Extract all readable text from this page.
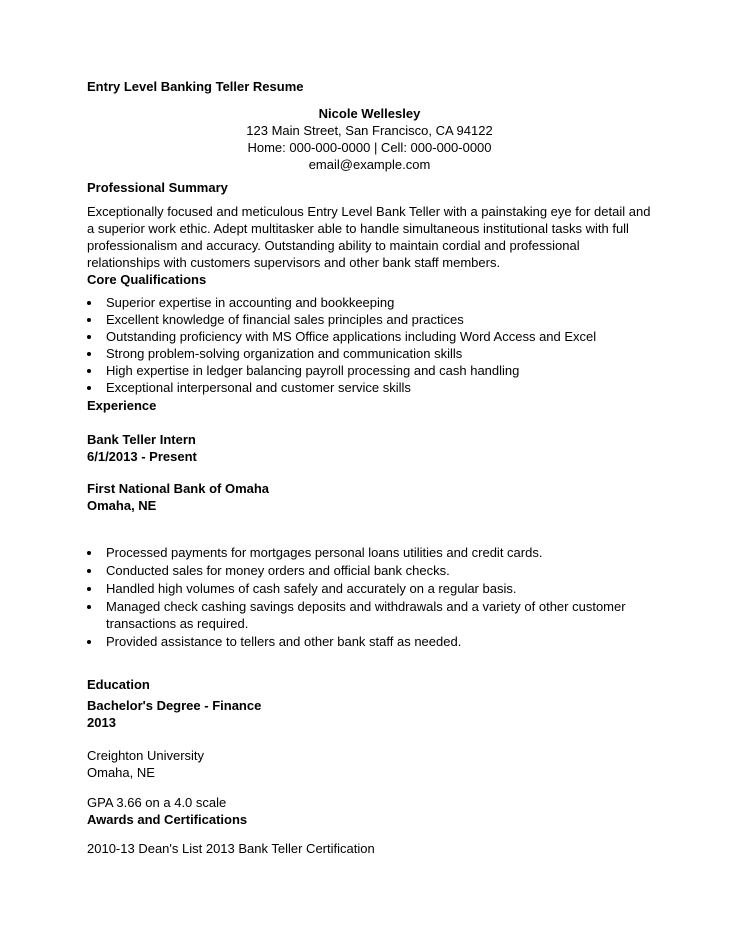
Entry Level Banking Teller Resume
Nicole Wellesley
123 Main Street, San Francisco, CA 94122
Home: 000-000-0000 | Cell: 000-000-0000
email@example.com
Professional Summary

Exceptionally focused and meticulous Entry Level Bank Teller with a painstaking eye for detail and a superior work ethic. Adept multitasker able to handle simultaneous institutional tasks with full professionalism and accuracy. Outstanding ability to maintain cordial and professional relationships with customers supervisors and other bank staff members.

Core Qualifications
• Superior expertise in accounting and bookkeeping
• Excellent knowledge of financial sales principles and practices
• Outstanding proficiency with MS Office applications including Word Access and Excel
• Strong problem-solving organization and communication skills
• High expertise in ledger balancing payroll processing and cash handling
• Exceptional interpersonal and customer service skills
Experience
Bank Teller Intern
6/1/2013 - Present
First National Bank of Omaha
Omaha, NE
• Processed payments for mortgages personal loans utilities and credit cards.
• Conducted sales for money orders and official bank checks.
• Handled high volumes of cash safely and accurately on a regular basis.
• Managed check cashing savings deposits and withdrawals and a variety of other customer transactions as required.
• Provided assistance to tellers and other bank staff as needed.
Education
Bachelor's Degree - Finance
2013
Creighton University
Omaha, NE
GPA 3.66 on a 4.0 scale
Awards and Certifications
2010-13 Dean's List 2013 Bank Teller Certification
